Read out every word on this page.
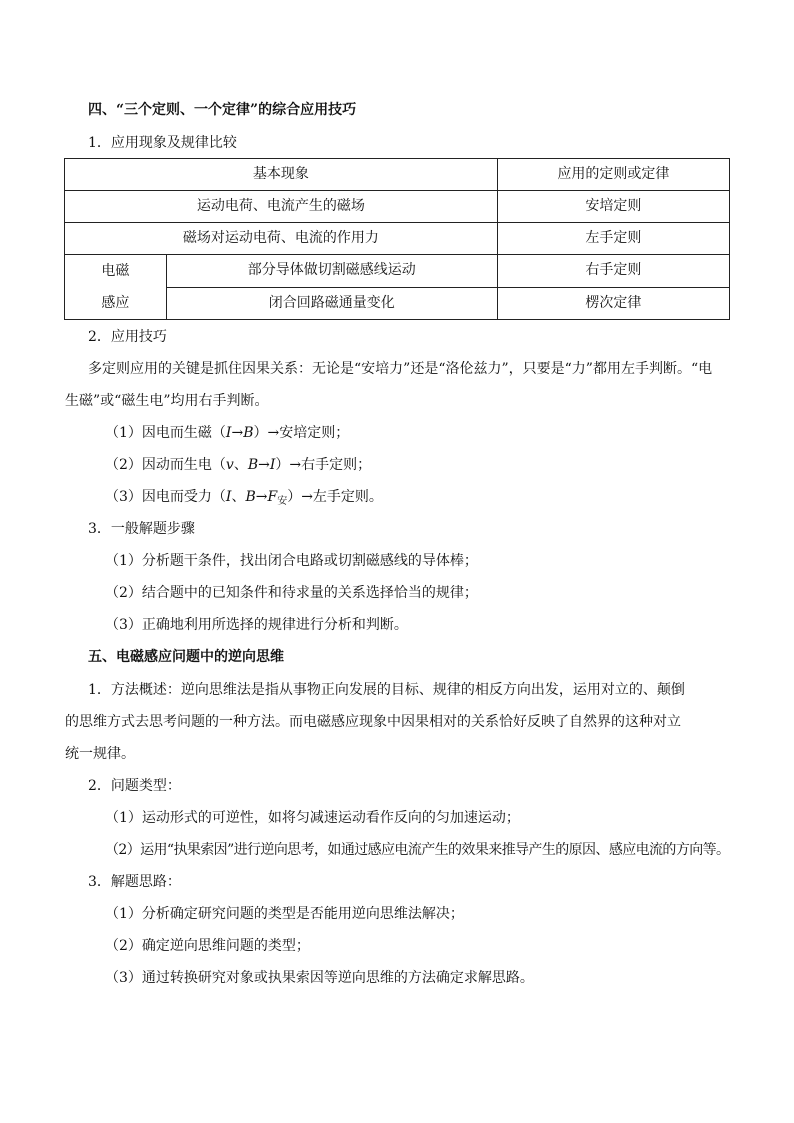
四、“三个定则、一个定律”的综合应用技巧
1．应用现象及规律比较
基本现象		应用的定则或定律
运动电荷、电流产生的磁场		安培定则
磁场对运动电荷、电流的作用力		左手定则

电磁
感应	部分导体做切割磁感线运动	右手定则
	闭合回路磁通量变化	楞次定律
2．应用技巧
多定则应用的关键是抓住因果关系：无论是“安培力”还是“洛伦兹力”，只要是“力”都用左手判断。“电
生磁”或“磁生电”均用右手判断。
（1）因电而生磁（I→B）→安培定则；
（2）因动而生电（v、B→I）→右手定则；
（3）因电而受力（I、$B\to F_安)\to$左手定则。
3．一般解题步骤
（1）分析题干条件，找出闭合电路或切割磁感线的导体棒；
（2）结合题中的已知条件和待求量的关系选择恰当的规律；
（3）正确地利用所选择的规律进行分析和判断。
五、电磁感应问题中的逆向思维
1．方法概述：逆向思维法是指从事物正向发展的目标、规律的相反方向出发，运用对立的、颠倒
的思维方式去思考问题的一种方法。而电磁感应现象中因果相对的关系恰好反映了自然界的这种对立
统一规律。
2．问题类型：
（1）运动形式的可逆性，如将匀减速运动看作反向的匀加速运动；
（2）运用“执果索因”进行逆向思考，如通过感应电流产生的效果来推导产生的原因、感应电流的方向等。
3．解题思路：
（1）分析确定研究问题的类型是否能用逆向思维法解决；
（2）确定逆向思维问题的类型；
（3）通过转换研究对象或执果索因等逆向思维的方法确定求解思路。
